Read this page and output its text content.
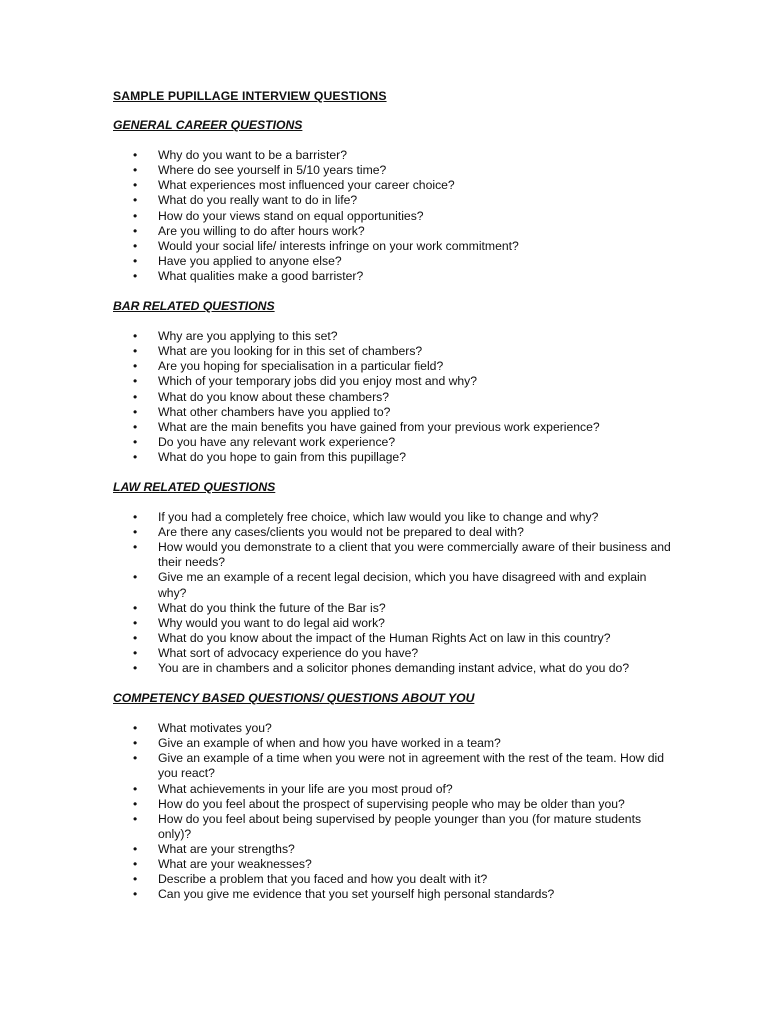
SAMPLE PUPILLAGE INTERVIEW QUESTIONS
GENERAL CAREER QUESTIONS
• Why do you want to be a barrister?
• Where do see yourself in 5/10 years time?
• What experiences most influenced your career choice?
• What do you really want to do in life?
• How do your views stand on equal opportunities?
• Are you willing to do after hours work?
• Would your social life/ interests infringe on your work commitment?
• Have you applied to anyone else?
• What qualities make a good barrister?
BAR RELATED QUESTIONS
• Why are you applying to this set?
• What are you looking for in this set of chambers?
• Are you hoping for specialisation in a particular field?
• Which of your temporary jobs did you enjoy most and why?
• What do you know about these chambers?
• What other chambers have you applied to?
• What are the main benefits you have gained from your previous work experience?
• Do you have any relevant work experience?
• What do you hope to gain from this pupillage?
LAW RELATED QUESTIONS
• If you had a completely free choice, which law would you like to change and why?
• Are there any cases/clients you would not be prepared to deal with?
• How would you demonstrate to a client that you were commercially aware of their business and their needs?
• Give me an example of a recent legal decision, which you have disagreed with and explain why?
• What do you think the future of the Bar is?
• Why would you want to do legal aid work?
• What do you know about the impact of the Human Rights Act on law in this country?
• What sort of advocacy experience do you have?
• You are in chambers and a solicitor phones demanding instant advice, what do you do?
COMPETENCY BASED QUESTIONS/ QUESTIONS ABOUT YOU
• What motivates you?
• Give an example of when and how you have worked in a team?
• Give an example of a time when you were not in agreement with the rest of the team. How did you react?
• What achievements in your life are you most proud of?
• How do you feel about the prospect of supervising people who may be older than you?
• How do you feel about being supervised by people younger than you (for mature students only)?
• What are your strengths?
• What are your weaknesses?
• Describe a problem that you faced and how you dealt with it?
• Can you give me evidence that you set yourself high personal standards?
